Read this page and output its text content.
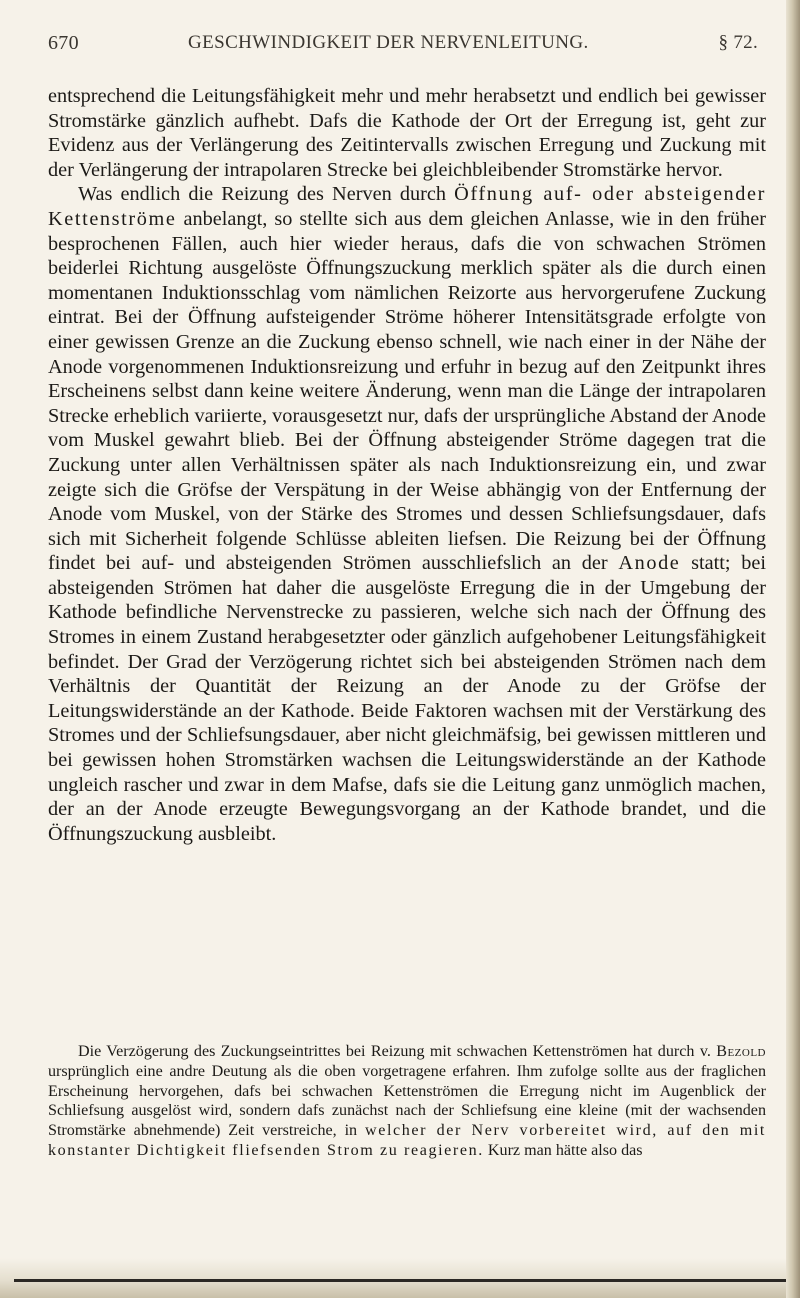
670	GESCHWINDIGKEIT DER NERVENLEITUNG.	§ 72.

entsprechend die Leitungsfähigkeit mehr und mehr herabsetzt und endlich bei gewisser Stromstärke gänzlich aufhebt. Dafs die Kathode der Ort der Erregung ist, geht zur Evidenz aus der Verlängerung des Zeitintervalls zwischen Erregung und Zuckung mit der Verlängerung der intrapolaren Strecke bei gleichbleibender Stromstärke hervor.

Was endlich die Reizung des Nerven durch Öffnung auf- oder absteigender Kettenströme anbelangt, so stellte sich aus dem gleichen Anlasse, wie in den früher besprochenen Fällen, auch hier wieder heraus, dafs die von schwachen Strömen beiderlei Richtung ausgelöste Öffnungszuckung merklich später als die durch einen momentanen Induktionsschlag vom nämlichen Reizorte aus hervorgerufene Zuckung eintrat. Bei der Öffnung aufsteigender Ströme höherer Intensitätsgrade erfolgte von einer gewissen Grenze an die Zuckung ebenso schnell, wie nach einer in der Nähe der Anode vorgenommenen Induktionsreizung und erfuhr in bezug auf den Zeitpunkt ihres Erscheinens selbst dann keine weitere Änderung, wenn man die Länge der intrapolaren Strecke erheblich variierte, vorausgesetzt nur, dafs der ursprüngliche Abstand der Anode vom Muskel gewahrt blieb. Bei der Öffnung absteigender Ströme dagegen trat die Zuckung unter allen Verhältnissen später als nach Induktionsreizung ein, und zwar zeigte sich die Gröfse der Verspätung in der Weise abhängig von der Entfernung der Anode vom Muskel, von der Stärke des Stromes und dessen Schliefsungsdauer, dafs sich mit Sicherheit folgende Schlüsse ableiten liefsen. Die Reizung bei der Öffnung findet bei auf- und absteigenden Strömen ausschliefslich an der Anode statt; bei absteigenden Strömen hat daher die ausgelöste Erregung die in der Umgebung der Kathode befindliche Nervenstrecke zu passieren, welche sich nach der Öffnung des Stromes in einem Zustand herabgesetzter oder gänzlich aufgehobener Leitungsfähigkeit befindet. Der Grad der Verzögerung richtet sich bei absteigenden Strömen nach dem Verhältnis der Quantität der Reizung an der Anode zu der Gröfse der Leitungswiderstände an der Kathode. Beide Faktoren wachsen mit der Verstärkung des Stromes und der Schliefsungsdauer, aber nicht gleichmäfsig, bei gewissen mittleren und bei gewissen hohen Stromstärken wachsen die Leitungswiderstände an der Kathode ungleich rascher und zwar in dem Mafse, dafs sie die Leitung ganz unmöglich machen, der an der Anode erzeugte Bewegungsvorgang an der Kathode brandet, und die Öffnungszuckung ausbleibt.

Die Verzögerung des Zuckungseintrittes bei Reizung mit schwachen Kettenströmen hat durch v. Bezold ursprünglich eine andre Deutung als die oben vorgetragene erfahren. Ihm zufolge sollte aus der fraglichen Erscheinung hervorgehen, dafs bei schwachen Kettenströmen die Erregung nicht im Augenblick der Schliefsung ausgelöst wird, sondern dafs zunächst nach der Schliefsung eine kleine (mit der wachsenden Stromstärke abnehmende) Zeit verstreiche, in welcher der Nerv vorbereitet wird, auf den mit konstanter Dichtigkeit fliefsenden Strom zu reagieren. Kurz man hätte also das
